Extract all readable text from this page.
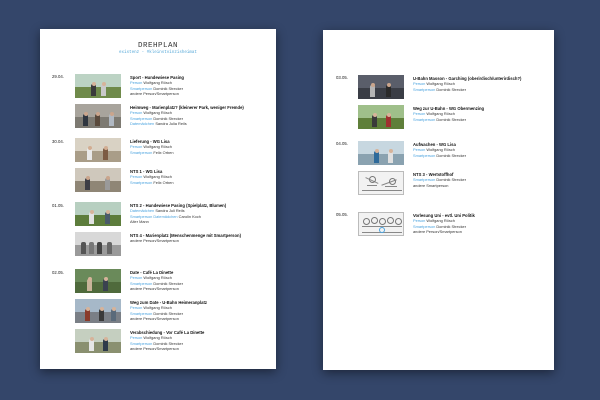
DREHPLAN
existenz - #kleinstvinzisheimat
29.04.
30.04.
01.05.
02.05.
Sport - Hundewiese Pasing
Person Wolfgang Rösch
Smartperson Dominik Strecker
andere Person/Smartperson
Heimweg - Marienplatz? (kleinerer Park, weniger Fremde)
Person Wolfgang Rösch
Smartperson Dominik Strecker
Datemädchen Sandra Julia Reils
Lieferung - WG Lisa
Person Wolfgang Rösch
Smartperson Felix Orben
NTS 1 - WG Lisa
Person Wolfgang Rösch
Smartperson Felix Orben
NTS 2 - Hundewiese Pasing (Spielplatz, Blumen)
Datemädchen Sandra Juli Reils
Smartperson Datemädchen Carolin Koch
Alter Mann
NTS 4 - Marienplatz (Menschenmenge mit Smartperson)
andere Person/Smartperson
Date - Café La Dinette
Person Wolfgang Rösch
Smartperson Dominik Strecker
andere Person/Smartperson
Weg zum Date - U-Bahn Heimeranplatz
Person Wolfgang Rösch
Smartperson Dominik Strecker
andere Person/Smartperson
Verabschiedung - Vor Café La Dinette
Person Wolfgang Rösch
Smartperson Dominik Strecker
andere Person/Smartperson
03.05.
04.05.
05.05.
U-Bahn Masson - Garching (oberirdisch/unterirdisch?)
Person Wolfgang Rösch
Smartperson Dominik Strecker
Weg zur U-Bahn - WG Obermenzing
Person Wolfgang Rösch
Smartperson Dominik Strecker
Aufwachen - WG Lisa
Person Wolfgang Rösch
Smartperson Dominik Strecker
NTS 3 - Wertstoffhof
Smartperson Dominik Strecker
andere Smartperson
Vorlesung Uni - evtl. Uni Politik
Person Wolfgang Rösch
Smartperson Dominik Strecker
andere Person/Smartperson
